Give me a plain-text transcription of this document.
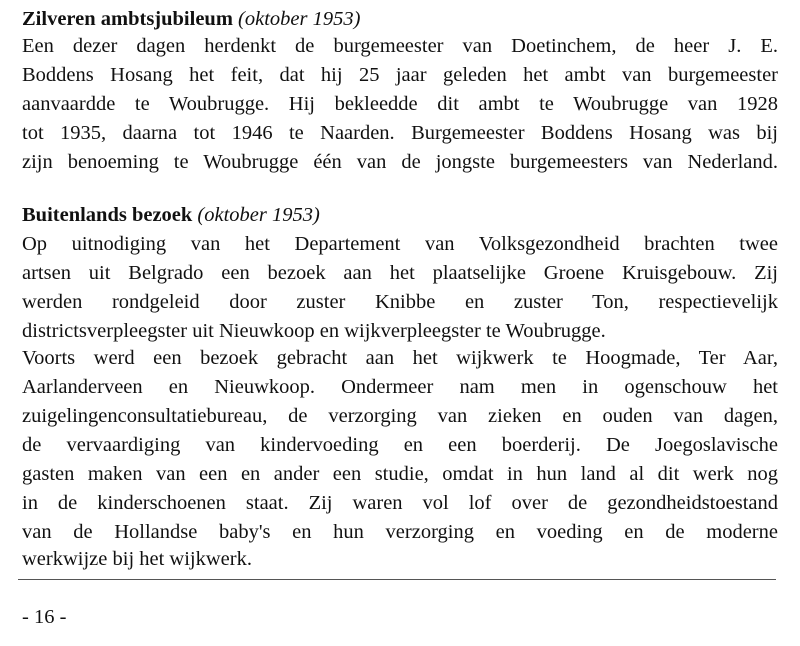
Zilveren ambtsjubileum (oktober 1953)
Een dezer dagen herdenkt de burgemeester van Doetinchem, de heer J. E.
Boddens Hosang het feit, dat hij 25 jaar geleden het ambt van burgemeester
aanvaardde te Woubrugge. Hij bekleedde dit ambt te Woubrugge van 1928
tot 1935, daarna tot 1946 te Naarden. Burgemeester Boddens Hosang was bij
zijn benoeming te Woubrugge één van de jongste burgemeesters van Nederland.
Buitenlands bezoek (oktober 1953)
Op uitnodiging van het Departement van Volksgezondheid brachten twee
artsen uit Belgrado een bezoek aan het plaatselijke Groene Kruisgebouw. Zij
werden rondgeleid door zuster Knibbe en zuster Ton, respectievelijk
districtsverpleegster uit Nieuwkoop en wijkverpleegster te Woubrugge.
Voorts werd een bezoek gebracht aan het wijkwerk te Hoogmade, Ter Aar,
Aarlanderveen en Nieuwkoop. Ondermeer nam men in ogenschouw het
zuigelingenconsultatiebureau, de verzorging van zieken en ouden van dagen,
de vervaardiging van kindervoeding en een boerderij. De Joegoslavische
gasten maken van een en ander een studie, omdat in hun land al dit werk nog
in de kinderschoenen staat. Zij waren vol lof over de gezondheidstoestand
van de Hollandse baby's en hun verzorging en voeding en de moderne
werkwijze bij het wijkwerk.
- 16 -
